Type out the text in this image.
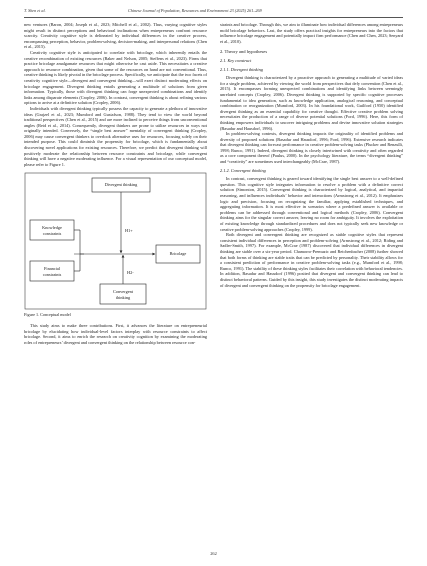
T. Shen et al.	Chinese Journal of Population, Resources and Environment 23 (2025) 261–269

new ventures (Baron, 2004; Joseph et al., 2023; Mitchell et al., 2002). Thus, varying cognitive styles might result in distinct perceptions and behavioral inclinations when entrepreneurs confront resource scarcity. Creativity cognitive style is delineated by individual differences in the creative process, encompassing perception, behavior, problem-solving, decision-making, and interpersonal relations (Chen et al., 2015).

Creativity cognitive style is anticipated to correlate with bricolage, which inherently entails the creative recombination of existing resources (Baker and Nelson, 2005; Steffens et al., 2023). Firms that practice bricolage amalgamate resources that might otherwise be cast aside. This necessitates a creative approach to resource combination, given that some of the resources on hand are not conventional. Thus, creative thinking is likely pivotal in the bricolage process. Specifically, we anticipate that the two facets of creativity cognitive style—divergent and convergent thinking—will exert distinct moderating effects on bricolage engagement. Divergent thinking entails generating a multitude of solutions from given information. Typically, those with divergent thinking can forge unexpected combinations and identify links among disparate elements (Cropley, 2006). In contrast, convergent thinking is about refining various options to arrive at a definitive solution (Cropley, 2006).

Individuals with divergent thinking typically possess the capacity to generate a plethora of innovative ideas (Grajzel et al., 2023; Mumford and Gustafson, 1988). They tend to view the world beyond traditional perspectives (Chen et al., 2015) and are more inclined to perceive things from unconventional angles (Reid et al., 2014). Consequently, divergent thinkers are prone to utilize resources in ways not originally intended. Conversely, the “single best answer” mentality of convergent thinking (Cropley, 2006) may cause convergent thinkers to overlook alternative uses for resources, focusing solely on their intended purpose. This could diminish the propensity for bricolage, which is fundamentally about discovering novel applications for existing resources. Therefore, we predict that divergent thinking will positively moderate the relationship between resource constraints and bricolage, while convergent thinking will have a negative moderating influence. For a visual representation of our conceptual model, please refer to Figure 1.

Divergent thinking
Knowledge
constraints
Financial
constraints
Bricolage
Convergent
thinking
H1+
H2-
Figure 1. Conceptual model

This study aims to make three contributions. First, it advances the literature on entrepreneurial bricolage by elucidating how individual-level factors interplay with resource constraints to affect bricolage. Second, it aims to enrich the research on creativity cognition by examining the moderating roles of entrepreneurs’ divergent and convergent thinking on the relationship between resource con-

straints and bricolage. Through this, we aim to illuminate how individual differences among entrepreneurs mold bricolage behaviors. Last, the study offers practical insights for entrepreneurs into the factors that influence bricolage engagement and potentially impact firm performance (Chen and Chen, 2023; Senyard et al., 2010).

2. Theory and hypotheses
2.1. Key construct
2.1.1. Divergent thinking

Divergent thinking is characterized by a proactive approach to generating a multitude of varied ideas for a single problem, achieved by viewing the world from perspectives that defy convention (Chen et al., 2015). It encompasses forming unexpected combinations and identifying links between seemingly unrelated concepts (Cropley, 2006). Divergent thinking is supported by specific cognitive processes fundamental to idea generation, such as knowledge application, analogical reasoning, and conceptual combination or reorganization (Mumford, 2003). In his foundational work, Guilford (1950) identified divergent thinking as an essential capability for creative thought. Effective creative problem solving necessitates the production of a range of diverse potential solutions (Ford, 1996). Here, this form of thinking empowers individuals to uncover intriguing problems and devise innovative solution strategies (Basadur and Hausdorf, 1996).

In problem-solving contexts, divergent thinking impacts the originality of identified problems and diversity of proposed solutions (Basadur and Hausdorf, 1996; Ford, 1996). Extensive research indicates that divergent thinking can forecast performance in creative problem-solving tasks (Plucker and Renzulli, 1998; Runco, 1991). Indeed, divergent thinking is closely intertwined with creativity and often regarded as a core component thereof (Paulus, 2000). In the psychology literature, the terms “divergent thinking” and “creativity” are sometimes used interchangeably (McCrae, 1987).

2.1.2. Convergent thinking

In contrast, convergent thinking is geared toward identifying the single best answer to a well-defined question. This cognitive style integrates information to resolve a problem with a definitive correct solution (Simonton, 2015). Convergent thinking is characterized by logical, analytical, and impartial reasoning, and influences individuals’ behavior and interactions (Armstrong et al., 2012). It emphasizes logic and precision, focusing on recognizing the familiar, applying established techniques, and aggregating information. It is most effective in scenarios where a predefined answer is available or problems can be addressed through conventional and logical methods (Cropley, 2006). Convergent thinking aims for the singular correct answer, leaving no room for ambiguity. It involves the exploitation of existing knowledge through standardized procedures and does not typically seek new knowledge or creative problem-solving approaches (Cropley, 1999).

Both divergent and convergent thinking are recognized as stable cognitive styles that represent consistent individual differences in perception and problem-solving (Armstrong et al., 2012; Riding and Sadler-Smith, 1997). For example, McCrae (1987) discovered that individual differences in divergent thinking are stable over a six-year period. Chamorro-Premuzic and Reichenbacher (2008) further showed that both forms of thinking are stable traits that can be predicted by personality. Their stability allows for a consistent prediction of performance in creative problem-solving tasks (e.g., Mumford et al., 1998; Runco, 1991). The stability of these thinking styles facilitates their correlation with behavioral tendencies. In addition, Basadur and Hausdorf (1996) posited that divergent and convergent thinking can lead to distinct behavioral patterns. Guided by this insight, this study investigates the distinct moderating impacts of divergent and convergent thinking on the propensity for bricolage engagement.

262
